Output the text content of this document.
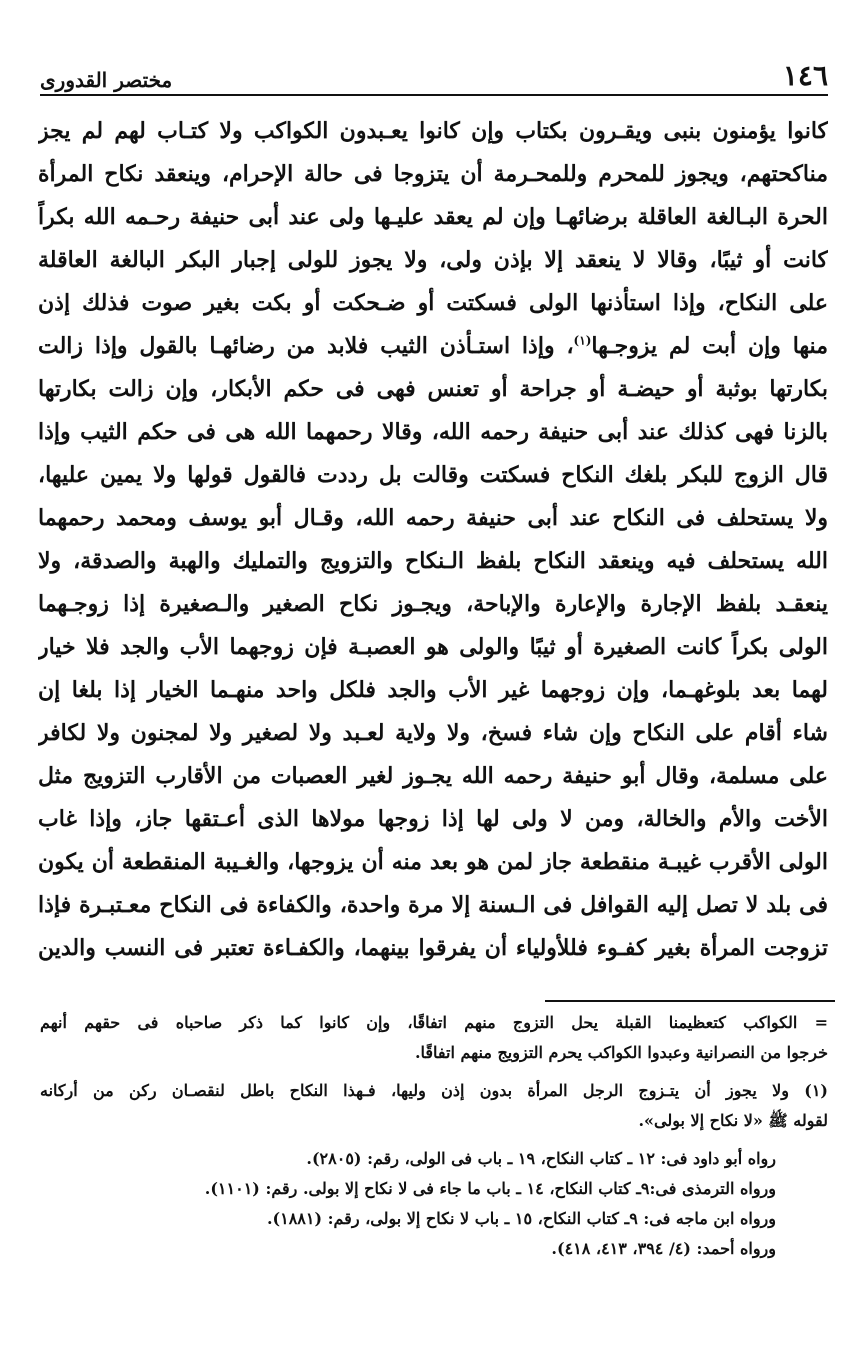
١٤٦
مختصر القدورى
كانوا يؤمنون بنبى ويقـرون بكتاب وإن كانوا يعـبدون الكواكب ولا كتـاب لهم لم يجز
مناكحتهم، ويجوز للمحرم وللمحـرمة أن يتزوجا فى حالة الإحرام، وينعقد نكاح المرأة
الحرة البـالغة العاقلة برضائهـا وإن لم يعقد عليـها ولى عند أبى حنيفة رحـمه الله بكراً
كانت أو ثيبًا، وقالا لا ينعقد إلا بإذن ولى، ولا يجوز للولى إجبار البكر البالغة العاقلة
على النكاح، وإذا استأذنها الولى فسكتت أو ضـحكت أو بكت بغير صوت فذلك إذن
منها وإن أبت لم يزوجـها$^{(١)}$، وإذا استـأذن الثيب فلابد من رضائهـا بالقول وإذا زالت
بكارتها بوثبة أو حيضـة أو جراحة أو تعنس فهى فى حكم الأبكار، وإن زالت بكارتها
بالزنا فهى كذلك عند أبى حنيفة رحمه الله، وقالا رحمهما الله هى فى حكم الثيب وإذا
قال الزوج للبكر بلغك النكاح فسكتت وقالت بل رددت فالقول قولها ولا يمين عليها،
ولا يستحلف فى النكاح عند أبى حنيفة رحمه الله، وقـال أبو يوسف ومحمد رحمهما
الله يستحلف فيه وينعقد النكاح بلفظ الـنكاح والتزويج والتمليك والهبة والصدقة، ولا
ينعقـد بلفظ الإجارة والإعارة والإباحة، ويجـوز نكاح الصغير والـصغيرة إذا زوجـهما
الولى بكراً كانت الصغيرة أو ثيبًا والولى هو العصبـة فإن زوجهما الأب والجد فلا خيار
لهما بعد بلوغهـما، وإن زوجهما غير الأب والجد فلكل واحد منهـما الخيار إذا بلغا إن
شاء أقام على النكاح وإن شاء فسخ، ولا ولاية لعـبد ولا لصغير ولا لمجنون ولا لكافر
على مسلمة، وقال أبو حنيفة رحمه الله يجـوز لغير العصبات من الأقارب التزويج مثل
الأخت والأم والخالة، ومن لا ولى لها إذا زوجها مولاها الذى أعـتقها جاز، وإذا غاب
الولى الأقرب غيبـة منقطعة جاز لمن هو بعد منه أن يزوجها، والغـيبة المنقطعة أن يكون
فى بلد لا تصل إليه القوافل فى الـسنة إلا مرة واحدة، والكفاءة فى النكاح معـتبـرة فإذا
تزوجت المرأة بغير كفـوء فللأولياء أن يفرقوا بينهما، والكفـاءة تعتبر فى النسب والدين
= الكواكب كتعظيمنا القبلة يحل التزوج منهم اتفاقًا، وإن كانوا كما ذكر صاحباه فى حقهم أنهم
خرجوا من النصرانية وعبدوا الكواكب يحرم التزويج منهم اتفاقًا.
(١) ولا يجوز أن يتـزوج الرجل المرأة بدون إذن وليها، فـهذا النكاح باطل لنقصـان ركن من أركانه
لقوله ﷺ «لا نكاح إلا بولى».
رواه أبو داود فى: ١٢ ـ كتاب النكاح، ١٩ ـ باب فى الولى، رقم: (٢٨٠٥).
ورواه الترمذى فى:٩ـ كتاب النكاح، ١٤ ـ باب ما جاء فى لا نكاح إلا بولى. رقم: (١١٠١).
ورواه ابن ماجه فى: ٩ـ كتاب النكاح، ١٥ ـ باب لا نكاح إلا بولى، رقم: (١٨٨١).
ورواه أحمد: (٤/ ٣٩٤، ٤١٣، ٤١٨).
